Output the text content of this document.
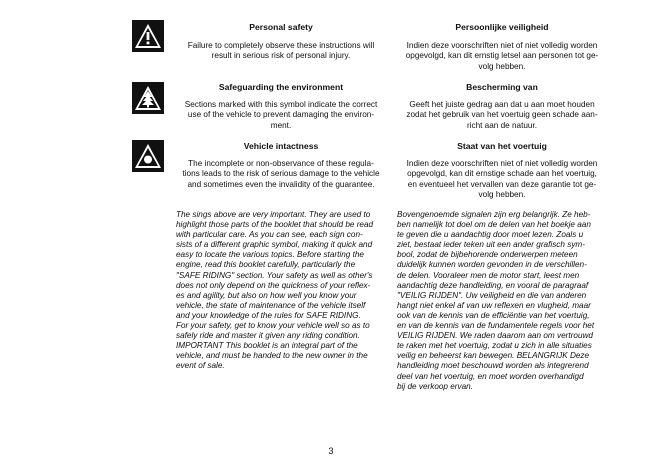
Personal safety	Persoonlijke veiligheid
Failure to completely observe these instructions will
result in serious risk of personal injury.
Indien deze voorschriften niet of niet volledig worden
opgevolgd, kan dit ernstig letsel aan personen tot ge-
volg hebben.
Safeguarding the environment	Bescherming van
Sections marked with this symbol indicate the correct
use of the vehicle to prevent damaging the environ-
ment.
Geeft het juiste gedrag aan dat u aan moet houden
zodat het gebruik van het voertuig geen schade aan-
richt aan de natuur.
Vehicle intactness	Staat van het voertuig
The incomplete or non-observance of these regula-
tions leads to the risk of serious damage to the vehicle
and sometimes even the invalidity of the guarantee.
Indien deze voorschriften niet of niet volledig worden
opgevolgd, kan dit ernstige schade aan het voertuig,
en eventueel het vervallen van deze garantie tot ge-
volg hebben.
The sings above are very important. They are used to
highlight those parts of the booklet that should be read
with particular care. As you can see, each sign con-
sists of a different graphic symbol, making it quick and
easy to locate the various topics. Before starting the
engine, read this booklet carefully, particularly the
"SAFE RIDING" section. Your safety as well as other's
does not only depend on the quickness of your reflex-
es and agility, but also on how well you know your
vehicle, the state of maintenance of the vehicle itself
and your knowledge of the rules for SAFE RIDING.
For your safety, get to know your vehicle well so as to
safely ride and master it given any riding condition.
IMPORTANT This booklet is an integral part of the
vehicle, and must be handed to the new owner in the
event of sale.
Bovengenoemde signalen zijn erg belangrijk. Ze heb-
ben namelijk tot doel om de delen van het boekje aan
te geven die u aandachtig door moet lezen. Zoals u
ziet, bestaat ieder teken uit een ander grafisch sym-
bool, zodat de bijbehorende onderwerpen meteen
duidelijk kunnen worden gevonden in de verschillen-
de delen. Vooraleer men de motor start, leest men
aandachtig deze handleiding, en vooral de paragraaf
"VEILIG RIJDEN". Uw veiligheid en die van anderen
hangt niet enkel af van uw reflexen en vlugheid, maar
ook van de kennis van de efficiëntie van het voertuig,
en van de kennis van de fundamentele regels voor het
VEILIG RIJDEN. We raden daarom aan om vertrouwd
te raken met het voertuig, zodat u zich in alle situaties
veilig en beheerst kan bewegen. BELANGRIJK Deze
handleiding moet beschouwd worden als integrerend
deel van het voertuig, en moet worden overhandigd
bij de verkoop ervan.
3
